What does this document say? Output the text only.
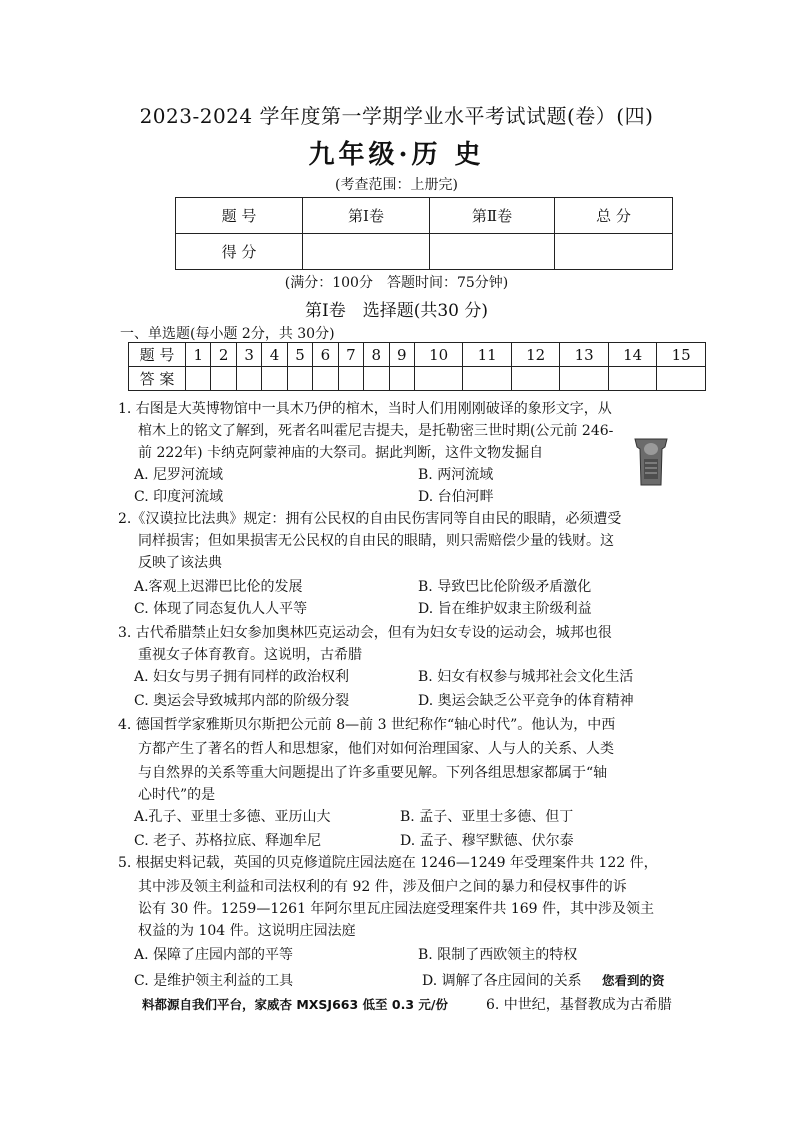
2023-2024 学年度第一学期学业水平考试试题(卷）(四)
九年级·历 史
(考查范围：上册完)
题 号	第Ⅰ卷	第Ⅱ卷	总 分
得 分			
(满分：100分　答题时间：75分钟)
第Ⅰ卷　选择题(共30 分)
一、单选题(每小题 2分，共 30分)
题 号	1	2	3	4	5	6	7	8	9	10	11	12	13	14	15
答 案															
1. 右图是大英博物馆中一具木乃伊的棺木，当时人们用刚刚破译的象形文字，从
棺木上的铭文了解到，死者名叫霍尼吉提夫，是托勒密三世时期(公元前 246-
前 222年) 卡纳克阿蒙神庙的大祭司。据此判断，这件文物发掘自
A. 尼罗河流域	B. 两河流域
C. 印度河流域	D. 台伯河畔
2.《汉谟拉比法典》规定：拥有公民权的自由民伤害同等自由民的眼睛，必须遭受
同样损害；但如果损害无公民权的自由民的眼睛，则只需赔偿少量的钱财。这
反映了该法典
A.客观上迟滞巴比伦的发展	B. 导致巴比伦阶级矛盾激化
C. 体现了同态复仇人人平等	D. 旨在维护奴隶主阶级利益
3. 古代希腊禁止妇女参加奥林匹克运动会，但有为妇女专设的运动会，城邦也很
重视女子体育教育。这说明，古希腊
A. 妇女与男子拥有同样的政治权利	B. 妇女有权参与城邦社会文化生活
C. 奥运会导致城邦内部的阶级分裂	D. 奥运会缺乏公平竞争的体育精神
4. 德国哲学家雅斯贝尔斯把公元前 8—前 3 世纪称作“轴心时代”。他认为，中西
方都产生了著名的哲人和思想家，他们对如何治理国家、人与人的关系、人类
与自然界的关系等重大问题提出了许多重要见解。下列各组思想家都属于“轴
心时代”的是
A.孔子、亚里士多德、亚历山大	B. 孟子、亚里士多德、但丁
C. 老子、苏格拉底、释迦牟尼	D. 孟子、穆罕默德、伏尔泰
5. 根据史料记载，英国的贝克修道院庄园法庭在 1246—1249 年受理案件共 122 件，
其中涉及领主利益和司法权利的有 92 件，涉及佃户之间的暴力和侵权事件的诉
讼有 30 件。1259—1261 年阿尔里瓦庄园法庭受理案件共 169 件，其中涉及领主
权益的为 104 件。这说明庄园法庭
A. 保障了庄园内部的平等	B. 限制了西欧领主的特权
C. 是维护领主利益的工具	D. 调解了各庄园间的关系 您看到的资
料都源自我们平台，家威杏 MXSJ663 低至 0.3 元/份	6. 中世纪，基督教成为古希腊
